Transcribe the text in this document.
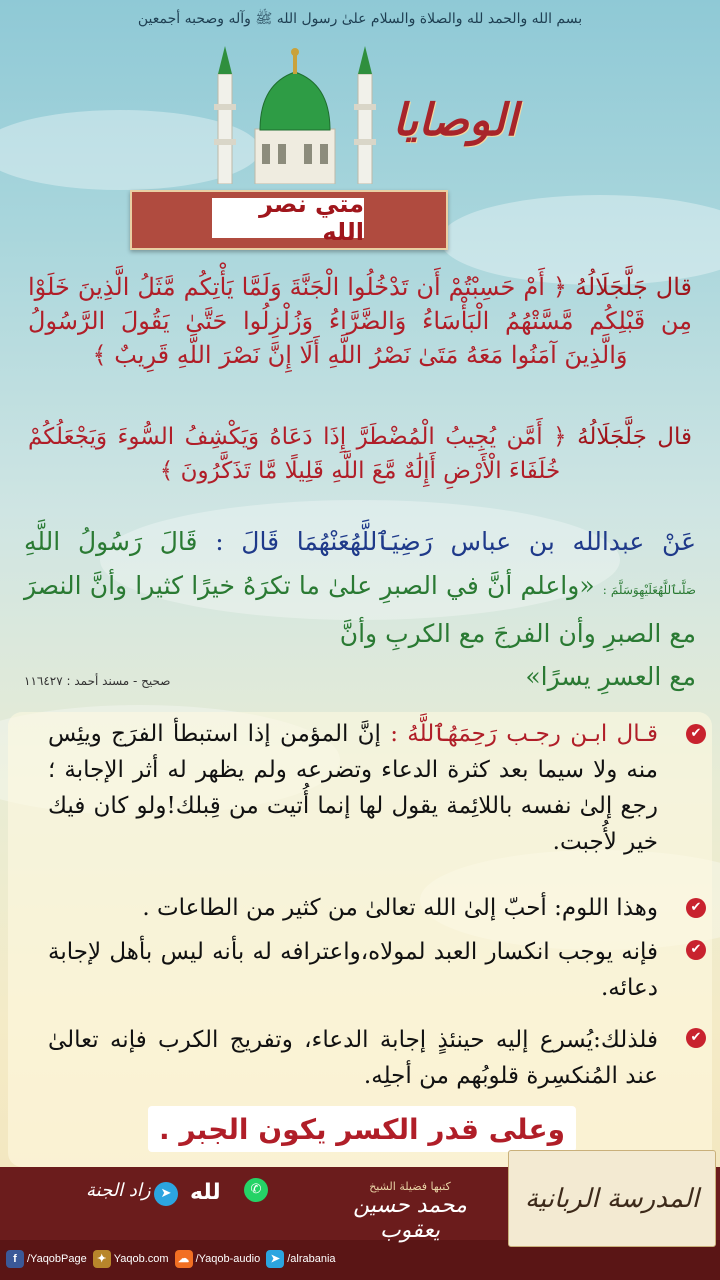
بسم الله والحمد لله والصلاة والسلام علىٰ رسول الله ﷺ وآله وصحبه أجمعين
الوصايا
متي نصر الله
قال جَلَّجَلَالُهُ ﴿ أَمْ حَسِبْتُمْ أَن تَدْخُلُوا الْجَنَّةَ وَلَمَّا يَأْتِكُم مَّثَلُ الَّذِينَ خَلَوْا مِن قَبْلِكُم مَّسَّتْهُمُ الْبَأْسَاءُ وَالضَّرَّاءُ وَزُلْزِلُوا حَتَّىٰ يَقُولَ الرَّسُولُ وَالَّذِينَ آمَنُوا مَعَهُ مَتَىٰ نَصْرُ اللَّهِ أَلَا إِنَّ نَصْرَ اللَّهِ قَرِيبٌ ﴾
قال جَلَّجَلَالُهُ ﴿ أَمَّن يُجِيبُ الْمُضْطَرَّ إِذَا دَعَاهُ وَيَكْشِفُ السُّوءَ وَيَجْعَلُكُمْ خُلَفَاءَ الْأَرْضِ أَإِلَٰهٌ مَّعَ اللَّهِ قَلِيلًا مَّا تَذَكَّرُونَ ﴾
عَنْ عبدالله بن عباس رَضِيَٱللَّهُعَنْهُمَا قَالَ : قَالَ رَسُولُ اللَّهِ صَلَّىٱللَّهُعَلَيْهِوَسَلَّمَ : «واعلم أنَّ في الصبرِ علىٰ ما تكرَهُ خيرًا كثيرا وأنَّ النصرَ مع الصبرِ وأن الفرجَ مع الكربِ وأنَّ
مع العسرِ يسرًا»
صحيح - مسند أحمد : ١١٦٤٢٧
✔
قـال ابـن رجـب رَحِمَهُٱللَّهُ : إنَّ المؤمن إذا استبطأ الفرَج ويئِس منه ولا سيما بعد كثرة الدعاء وتضرعه ولم يظهر له أثر الإجابة ؛ رجع إلىٰ نفسه باللائِمة يقول لها إنما أُتيت من قِبلك!ولو كان فيك خير لأُجبت.
✔
وهذا اللوم: أحبّ إلىٰ الله تعالىٰ من كثير من الطاعات .
✔
فإنه يوجب انكسار العبد لمولاه،واعترافه له بأنه ليس بأهل لإجابة دعائه.
✔
فلذلك:يُسرع إليه حينئذٍ إجابة الدعاء، وتفريج الكرب فإنه تعالىٰ عند المُنكسِرة قلوبُهم من أجلِه.
وعلى قدر الكسر يكون الجبر .
المدرسة الربانية
كتبها فضيلة الشيخ
محمد حسين يعقوب
✆
لله
➤
زاد الجنة
f /YaqobPage ✦ Yaqob.com ☁ /Yaqob-audio ➤ /alrabania
